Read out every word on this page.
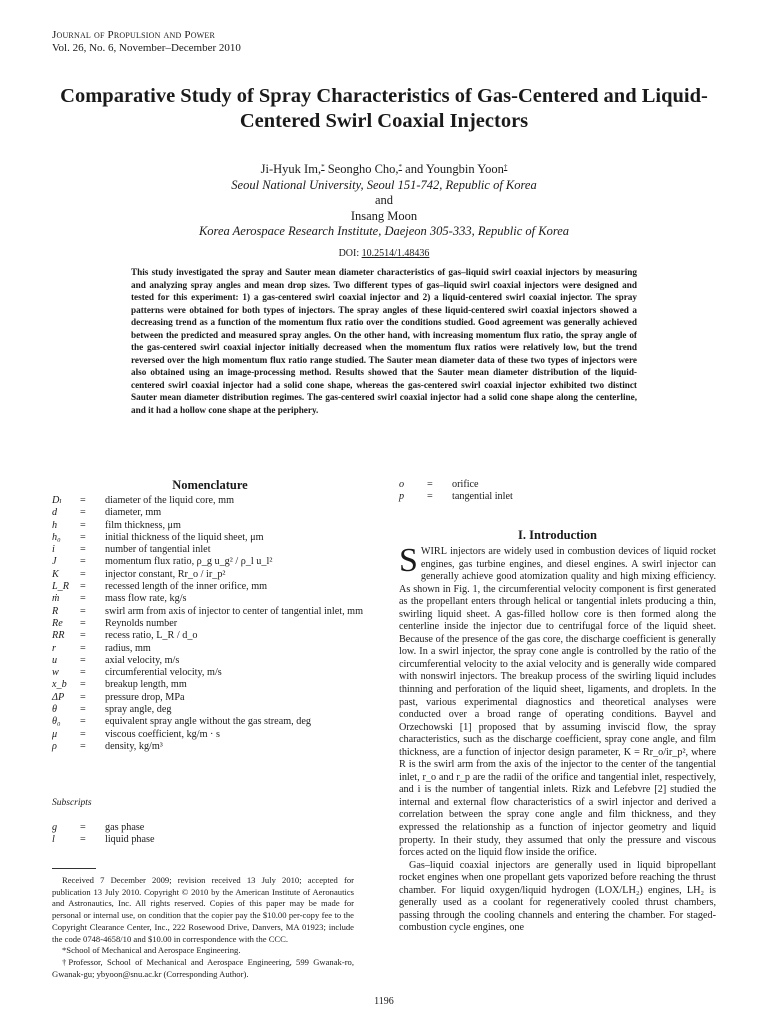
Journal of Propulsion and Power
Vol. 26, No. 6, November–December 2010
Comparative Study of Spray Characteristics of Gas-Centered and Liquid-Centered Swirl Coaxial Injectors
Ji-Hyuk Im,* Seongho Cho,* and Youngbin Yoon†
Seoul National University, Seoul 151-742, Republic of Korea
and
Insang Moon
Korea Aerospace Research Institute, Daejeon 305-333, Republic of Korea
DOI: 10.2514/1.48436
This study investigated the spray and Sauter mean diameter characteristics of gas–liquid swirl coaxial injectors by measuring and analyzing spray angles and mean drop sizes. Two different types of gas–liquid swirl coaxial injectors were designed and tested for this experiment: 1) a gas-centered swirl coaxial injector and 2) a liquid-centered swirl coaxial injector. The spray patterns were obtained for both types of injectors. The spray angles of these liquid-centered swirl coaxial injectors showed a decreasing trend as a function of the momentum flux ratio over the conditions studied. Good agreement was generally achieved between the predicted and measured spray angles. On the other hand, with increasing momentum flux ratio, the spray angle of the gas-centered swirl coaxial injector initially decreased when the momentum flux ratios were relatively low, but the trend reversed over the high momentum flux ratio range studied. The Sauter mean diameter data of these two types of injectors were also obtained using an image-processing method. Results showed that the Sauter mean diameter distribution of the liquid-centered swirl coaxial injector had a solid cone shape, whereas the gas-centered swirl coaxial injector exhibited two distinct Sauter mean diameter distribution regimes. The gas-centered swirl coaxial injector had a solid cone shape along the centerline, and it had a hollow cone shape at the periphery.
Nomenclature
Dₗ	=	diameter of the liquid core, mm
d	=	diameter, mm
h	=	film thickness, μm
h₀	=	initial thickness of the liquid sheet, μm
i	=	number of tangential inlet
J	=	momentum flux ratio, ρ_g u_g² / ρ_l u_l²
K	=	injector constant, Rr_o / ir_p²
L_R	=	recessed length of the inner orifice, mm
ṁ	=	mass flow rate, kg/s
R	=	swirl arm from axis of injector to center of tangential inlet, mm
Re	=	Reynolds number
RR	=	recess ratio, L_R / d_o
r	=	radius, mm
u	=	axial velocity, m/s
w	=	circumferential velocity, m/s
x_b	=	breakup length, mm
ΔP	=	pressure drop, MPa
θ	=	spray angle, deg
θ₀	=	equivalent spray angle without the gas stream, deg
μ	=	viscous coefficient, kg/m · s
ρ	=	density, kg/m³
Subscripts
g	=	gas phase
l	=	liquid phase
Received 7 December 2009; revision received 13 July 2010; accepted for publication 13 July 2010. Copyright © 2010 by the American Institute of Aeronautics and Astronautics, Inc. All rights reserved. Copies of this paper may be made for personal or internal use, on condition that the copier pay the $10.00 per-copy fee to the Copyright Clearance Center, Inc., 222 Rosewood Drive, Danvers, MA 01923; include the code 0748-4658/10 and $10.00 in correspondence with the CCC.
*School of Mechanical and Aerospace Engineering.
†Professor, School of Mechanical and Aerospace Engineering, 599 Gwanak-ro, Gwanak-gu; ybyoon@snu.ac.kr (Corresponding Author).
o	=	orifice
p	=	tangential inlet
I. Introduction

SWIRL injectors are widely used in combustion devices of liquid rocket engines, gas turbine engines, and diesel engines. A swirl injector can generally achieve good atomization quality and high mixing efficiency. As shown in Fig. 1, the circumferential velocity component is first generated as the propellant enters through helical or tangential inlets producing a thin, swirling liquid sheet. A gas-filled hollow core is then formed along the centerline inside the injector due to centrifugal force of the liquid sheet. Because of the presence of the gas core, the discharge coefficient is generally low. In a swirl injector, the spray cone angle is controlled by the ratio of the circumferential velocity to the axial velocity and is generally wide compared with nonswirl injectors. The breakup process of the swirling liquid includes thinning and perforation of the liquid sheet, ligaments, and droplets. In the past, various experimental diagnostics and theoretical analyses were conducted over a broad range of operating conditions. Bayvel and Orzechowski [1] proposed that by assuming inviscid flow, the spray characteristics, such as the discharge coefficient, spray cone angle, and film thickness, are a function of injector design parameter, K = Rr_o/ir_p², where R is the swirl arm from the axis of the injector to the center of the tangential inlet, r_o and r_p are the radii of the orifice and tangential inlet, respectively, and i is the number of tangential inlets. Rizk and Lefebvre [2] studied the internal and external flow characteristics of a swirl injector and derived a correlation between the spray cone angle and film thickness, and they expressed the relationship as a function of injector geometry and liquid property. In their study, they assumed that only the pressure and viscous forces acted on the liquid flow inside the orifice.

Gas–liquid coaxial injectors are generally used in liquid bipropellant rocket engines when one propellant gets vaporized before reaching the thrust chamber. For liquid oxygen/liquid hydrogen (LOX/LH₂) engines, LH₂ is generally used as a coolant for regeneratively cooled thrust chambers, passing through the cooling channels and entering the chamber. For staged-combustion cycle engines, one

1196
